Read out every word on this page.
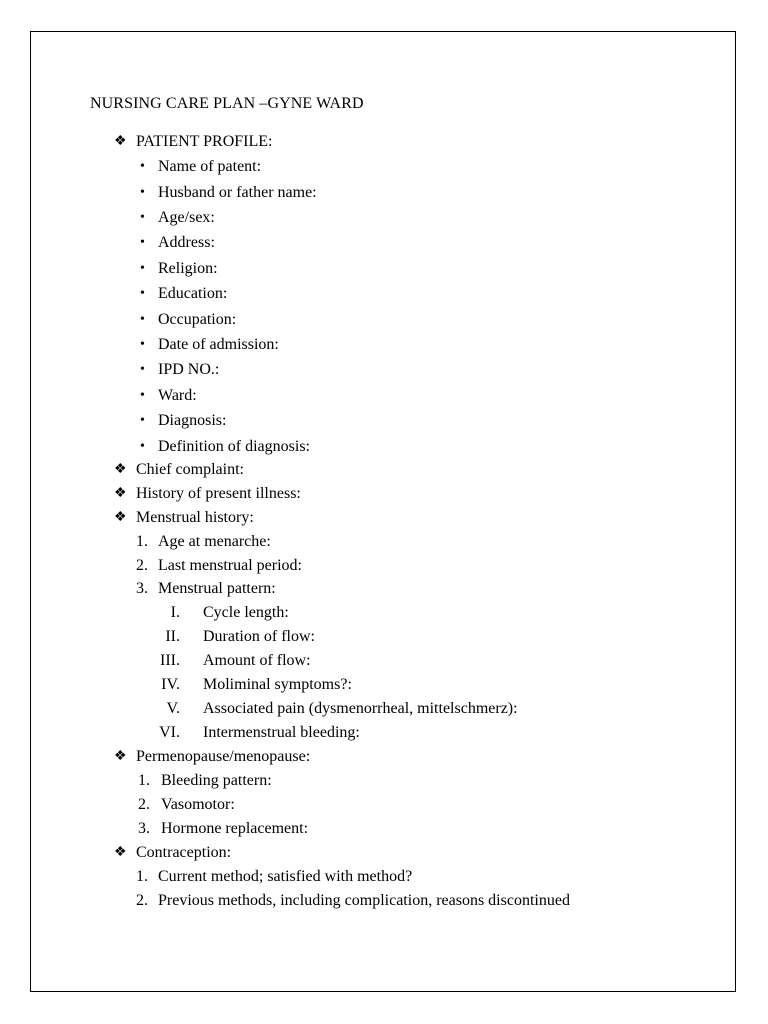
NURSING CARE PLAN –GYNE WARD
❖ PATIENT PROFILE:
• Name of patent:
• Husband or father name:
• Age/sex:
• Address:
• Religion:
• Education:
• Occupation:
• Date of admission:
• IPD NO.:
• Ward:
• Diagnosis:
• Definition of diagnosis:
❖ Chief complaint:
❖ History of present illness:
❖ Menstrual history:
1. Age at menarche:
2. Last menstrual period:
3. Menstrual pattern:
I. Cycle length:
II. Duration of flow:
III. Amount of flow:
IV. Moliminal symptoms?:
V. Associated pain (dysmenorrheal, mittelschmerz):
VI. Intermenstrual bleeding:
❖ Permenopause/menopause:
1. Bleeding pattern:
2. Vasomotor:
3. Hormone replacement:
❖ Contraception:
1. Current method; satisfied with method?
2. Previous methods, including complication, reasons discontinued
